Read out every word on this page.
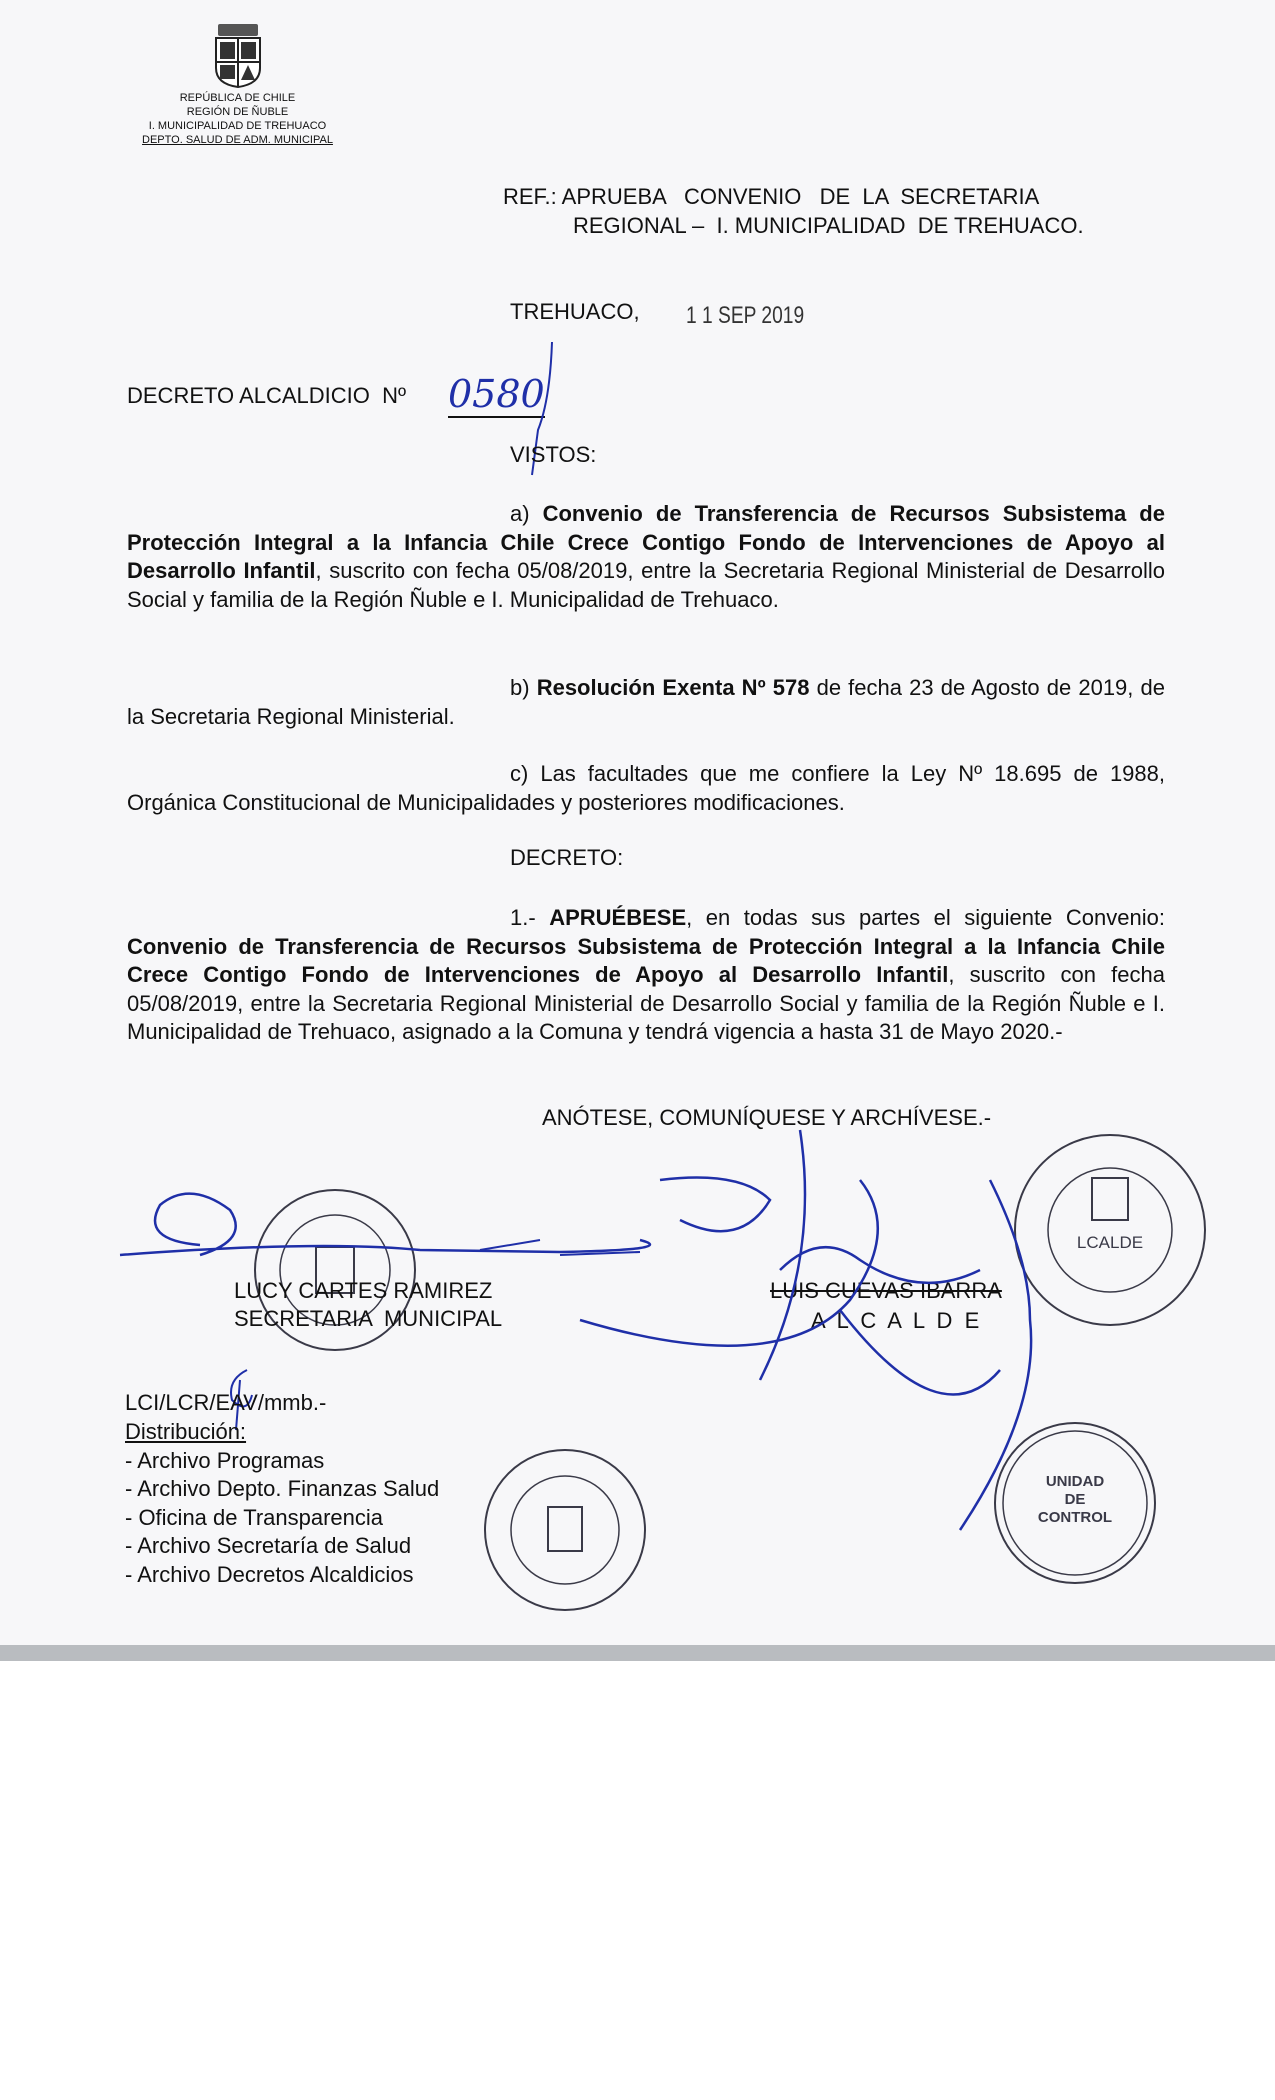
REPÚBLICA DE CHILE
REGIÓN DE ÑUBLE
I. MUNICIPALIDAD DE TREHUACO
DEPTO. SALUD DE ADM. MUNICIPAL
REF.: APRUEBA   CONVENIO   DE  LA  SECRETARIA
REGIONAL –  I. MUNICIPALIDAD  DE TREHUACO.
TREHUACO, 1 1 SEP 2019
DECRETO ALCALDICIO  Nº 0580
VISTOS:
a) Convenio de Transferencia de Recursos Subsistema de Protección Integral a la Infancia Chile Crece Contigo Fondo de Intervenciones de Apoyo al Desarrollo Infantil, suscrito con fecha 05/08/2019, entre la Secretaria Regional Ministerial de Desarrollo Social y familia de la Región Ñuble e I. Municipalidad de Trehuaco.
b) Resolución Exenta Nº 578 de fecha 23 de Agosto de 2019, de la Secretaria Regional Ministerial.
c) Las facultades que me confiere la Ley Nº 18.695 de 1988, Orgánica Constitucional de Municipalidades y posteriores modificaciones.
DECRETO:
1.- APRUÉBESE, en todas sus partes el siguiente Convenio: Convenio de Transferencia de Recursos Subsistema de Protección Integral a la Infancia Chile Crece Contigo Fondo de Intervenciones de Apoyo al Desarrollo Infantil, suscrito con fecha 05/08/2019, entre la Secretaria Regional Ministerial de Desarrollo Social y familia de la Región Ñuble e I. Municipalidad de Trehuaco, asignado a la Comuna y tendrá vigencia a hasta 31 de Mayo 2020.-
ANÓTESE, COMUNÍQUESE Y ARCHÍVESE.-
LCALDE
UNIDAD
DE
CONTROL
LUCY CARTES RAMIREZ
SECRETARIA  MUNICIPAL
LUIS CUEVAS IBARRA
A  L  C  A  L  D  E
LCI/LCR/EAV/mmb.-
Distribución:
- Archivo Programas
- Archivo Depto. Finanzas Salud
- Oficina de Transparencia
- Archivo Secretaría de Salud
- Archivo Decretos Alcaldicios
